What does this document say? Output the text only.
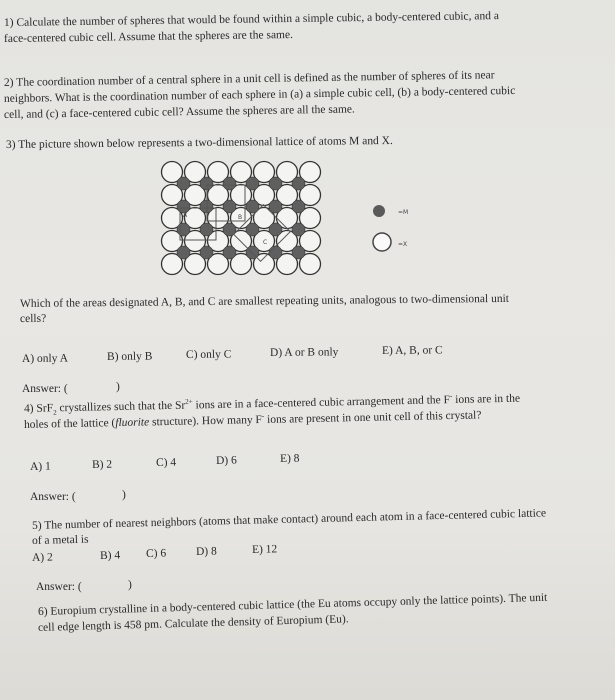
1) Calculate the number of spheres that would be found within a simple cubic, a body-centered cubic, and a
face-centered cubic cell. Assume that the spheres are the same.
2) The coordination number of a central sphere in a unit cell is defined as the number of spheres of its near
neighbors. What is the coordination number of each sphere in (a) a simple cubic cell, (b) a body-centered cubic
cell, and (c) a face-centered cubic cell? Assume the spheres are all the same.
3) The picture shown below represents a two-dimensional lattice of atoms M and X.
B
A
C
=M
=X
Which of the areas designated A, B, and C are smallest repeating units, analogous to two-dimensional unit
cells?
A) only A	B) only B	C) only C	D) A or B only	E) A, B, or C
Answer: (	)
4) SrF$_2$ crystallizes such that the $Sr^{2+}$ ions are in a face-centered cubic arrangement and the F- ions are in the
holes of the lattice (fluorite structure). How many F- ions are present in one unit cell of this crystal?
A) 1	B) 2	C) 4	D) 6	E) 8
Answer: (	)
5) The number of nearest neighbors (atoms that make contact) around each atom in a face-centered cubic lattice
of a metal is
A) 2	B) 4 C) 6	D) 8	E) 12
Answer: (	)
6) Europium crystalline in a body-centered cubic lattice (the Eu atoms occupy only the lattice points). The unit
cell edge length is 458 pm. Calculate the density of Europium (Eu).
